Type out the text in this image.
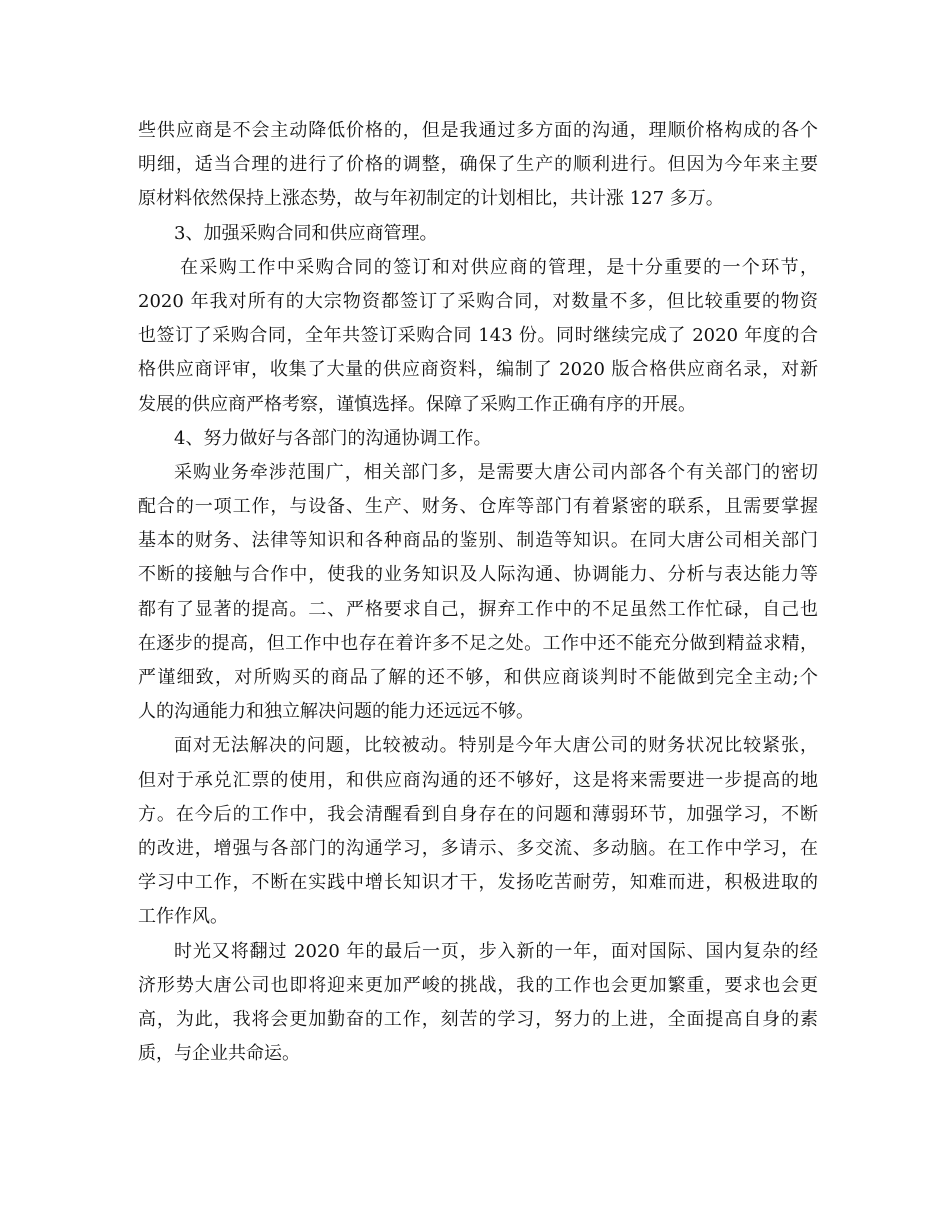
些供应商是不会主动降低价格的，但是我通过多方面的沟通，理顺价格构成的各个
明细，适当合理的进行了价格的调整，确保了生产的顺利进行。但因为今年来主要
原材料依然保持上涨态势，故与年初制定的计划相比，共计涨 127 多万。
3、加强采购合同和供应商管理。
在采购工作中采购合同的签订和对供应商的管理，是十分重要的一个环节，
2020 年我对所有的大宗物资都签订了采购合同，对数量不多，但比较重要的物资
也签订了采购合同，全年共签订采购合同 143 份。同时继续完成了 2020 年度的合
格供应商评审，收集了大量的供应商资料，编制了 2020 版合格供应商名录，对新
发展的供应商严格考察，谨慎选择。保障了采购工作正确有序的开展。
4、努力做好与各部门的沟通协调工作。
采购业务牵涉范围广，相关部门多，是需要大唐公司内部各个有关部门的密切
配合的一项工作，与设备、生产、财务、仓库等部门有着紧密的联系，且需要掌握
基本的财务、法律等知识和各种商品的鉴别、制造等知识。在同大唐公司相关部门
不断的接触与合作中，使我的业务知识及人际沟通、协调能力、分析与表达能力等
都有了显著的提高。二、严格要求自己，摒弃工作中的不足虽然工作忙碌，自己也
在逐步的提高，但工作中也存在着许多不足之处。工作中还不能充分做到精益求精，
严谨细致，对所购买的商品了解的还不够，和供应商谈判时不能做到完全主动;个
人的沟通能力和独立解决问题的能力还远远不够。
面对无法解决的问题，比较被动。特别是今年大唐公司的财务状况比较紧张，
但对于承兑汇票的使用，和供应商沟通的还不够好，这是将来需要进一步提高的地
方。在今后的工作中，我会清醒看到自身存在的问题和薄弱环节，加强学习，不断
的改进，增强与各部门的沟通学习，多请示、多交流、多动脑。在工作中学习，在
学习中工作，不断在实践中增长知识才干，发扬吃苦耐劳，知难而进，积极进取的
工作作风。
时光又将翻过 2020 年的最后一页，步入新的一年，面对国际、国内复杂的经
济形势大唐公司也即将迎来更加严峻的挑战，我的工作也会更加繁重，要求也会更
高，为此，我将会更加勤奋的工作，刻苦的学习，努力的上进，全面提高自身的素
质，与企业共命运。
